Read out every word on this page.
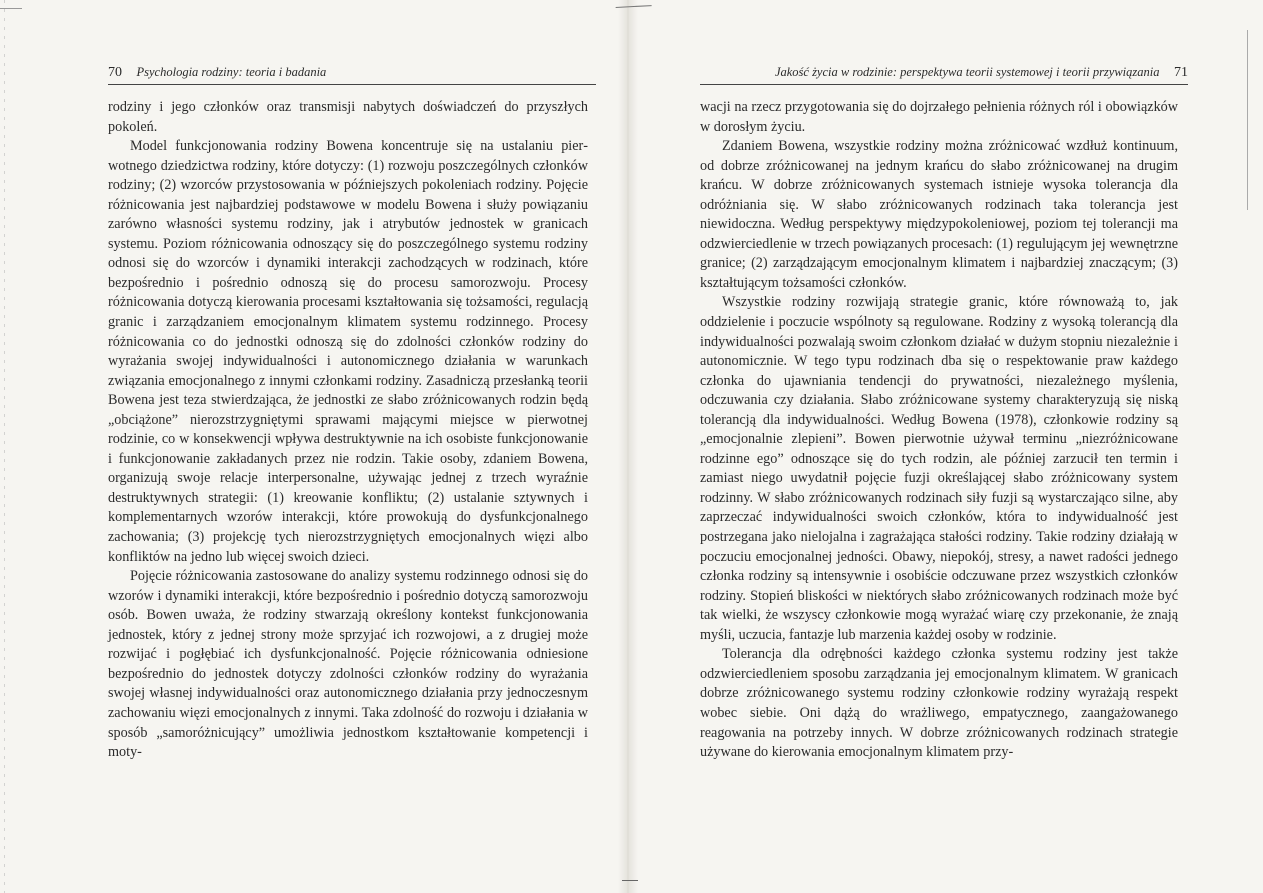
70 Psychologia rodziny: teoria i badania	Jakość życia w rodzinie: perspektywa teorii systemowej i teorii przywiązania 71

rodziny i jego członków oraz transmisji nabytych doświadczeń do przyszłych pokoleń.

Model funkcjonowania rodziny Bowena koncentruje się na ustalaniu pierwotnego dziedzictwa rodziny, które dotyczy: (1) rozwoju poszczególnych członków rodziny; (2) wzorców przystosowania w późniejszych pokoleniach rodziny. Pojęcie różnicowania jest najbardziej podstawowe w modelu Bowena i służy powiązaniu zarówno własności systemu rodziny, jak i atrybutów jednostek w granicach systemu. Poziom różnicowania odnoszący się do poszczególnego systemu rodziny odnosi się do wzorców i dynamiki interakcji zachodzących w rodzinach, które bezpośrednio i pośrednio odnoszą się do procesu samorozwoju. Procesy różnicowania dotyczą kierowania procesami kształtowania się tożsamości, regulacją granic i zarządzaniem emocjonalnym klimatem systemu rodzinnego. Procesy różnicowania co do jednostki odnoszą się do zdolności członków rodziny do wyrażania swojej indywidualności i autonomicznego działania w warunkach związania emocjonalnego z innymi członkami rodziny. Zasadniczą przesłanką teorii Bowena jest teza stwierdzająca, że jednostki ze słabo zróżnicowanych rodzin będą „obciążone” nierozstrzygniętymi sprawami mającymi miejsce w pierwotnej rodzinie, co w konsekwencji wpływa destruktywnie na ich osobiste funkcjonowanie i funkcjonowanie zakładanych przez nie rodzin. Takie osoby, zdaniem Bowena, organizują swoje relacje interpersonalne, używając jednej z trzech wyraźnie destruktywnych strategii: (1) kreowanie konfliktu; (2) ustalanie sztywnych i komplementarnych wzorów interakcji, które prowokują do dysfunkcjonalnego zachowania; (3) projekcję tych nierozstrzygniętych emocjonalnych więzi albo konfliktów na jedno lub więcej swoich dzieci.

Pojęcie różnicowania zastosowane do analizy systemu rodzinnego odnosi się do wzorów i dynamiki interakcji, które bezpośrednio i pośrednio dotyczą samorozwoju osób. Bowen uważa, że rodziny stwarzają określony kontekst funkcjonowania jednostek, który z jednej strony może sprzyjać ich rozwojowi, a z drugiej może rozwijać i pogłębiać ich dysfunkcjonalność. Pojęcie różnicowania odniesione bezpośrednio do jednostek dotyczy zdolności członków rodziny do wyrażania swojej własnej indywidualności oraz autonomicznego działania przy jednoczesnym zachowaniu więzi emocjonalnych z innymi. Taka zdolność do rozwoju i działania w sposób „samoróżnicujący” umożliwia jednostkom kształtowanie kompetencji i moty-

wacji na rzecz przygotowania się do dojrzałego pełnienia różnych ról i obowiązków w dorosłym życiu.

Zdaniem Bowena, wszystkie rodziny można zróżnicować wzdłuż kontinuum, od dobrze zróżnicowanej na jednym krańcu do słabo zróżnicowanej na drugim krańcu. W dobrze zróżnicowanych systemach istnieje wysoka tolerancja dla odróżniania się. W słabo zróżnicowanych rodzinach taka tolerancja jest niewidoczna. Według perspektywy międzypokoleniowej, poziom tej tolerancji ma odzwierciedlenie w trzech powiązanych procesach: (1) regulującym jej wewnętrzne granice; (2) zarządzającym emocjonalnym klimatem i najbardziej znaczącym; (3) kształtującym tożsamości członków.

Wszystkie rodziny rozwijają strategie granic, które równoważą to, jak oddzielenie i poczucie wspólnoty są regulowane. Rodziny z wysoką tolerancją dla indywidualności pozwalają swoim członkom działać w dużym stopniu niezależnie i autonomicznie. W tego typu rodzinach dba się o respektowanie praw każdego członka do ujawniania tendencji do prywatności, niezależnego myślenia, odczuwania czy działania. Słabo zróżnicowane systemy charakteryzują się niską tolerancją dla indywidualności. Według Bowena (1978), członkowie rodziny są „emocjonalnie zlepieni”. Bowen pierwotnie używał terminu „niezróżnicowane rodzinne ego” odnoszące się do tych rodzin, ale później zarzucił ten termin i zamiast niego uwydatnił pojęcie fuzji określającej słabo zróżnicowany system rodzinny. W słabo zróżnicowanych rodzinach siły fuzji są wystarczająco silne, aby zaprzeczać indywidualności swoich członków, która to indywidualność jest postrzegana jako nielojalna i zagrażająca stałości rodziny. Takie rodziny działają w poczuciu emocjonalnej jedności. Obawy, niepokój, stresy, a nawet radości jednego członka rodziny są intensywnie i osobiście odczuwane przez wszystkich członków rodziny. Stopień bliskości w niektórych słabo zróżnicowanych rodzinach może być tak wielki, że wszyscy członkowie mogą wyrażać wiarę czy przekonanie, że znają myśli, uczucia, fantazje lub marzenia każdej osoby w rodzinie.

Tolerancja dla odrębności każdego członka systemu rodziny jest także odzwierciedleniem sposobu zarządzania jej emocjonalnym klimatem. W granicach dobrze zróżnicowanego systemu rodziny członkowie rodziny wyrażają respekt wobec siebie. Oni dążą do wrażliwego, empatycznego, zaangażowanego reagowania na potrzeby innych. W dobrze zróżnicowanych rodzinach strategie używane do kierowania emocjonalnym klimatem przy-
